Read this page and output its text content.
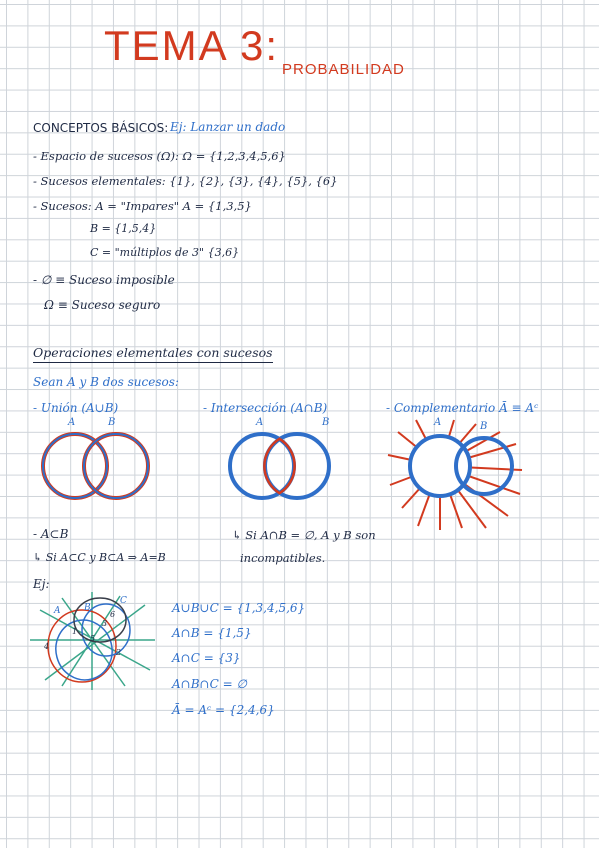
TEMA 3:
PROBABILIDAD
CONCEPTOS BÁSICOS: Ej: Lanzar un dado
- Espacio de sucesos (Ω): Ω = {1,2,3,4,5,6}
- Sucesos elementales: {1}, {2}, {3}, {4}, {5}, {6}
- Sucesos: A = "Impares" A = {1,3,5}
B = {1,5,4}
C = "múltiplos de 3" {3,6}
- ∅ ≡ Suceso imposible
Ω ≡ Suceso seguro
Operaciones elementales con sucesos
Sean A y B dos sucesos:
- Unión (A∪B)	- Intersección (A∩B)	- Complementario Ā ≡ Aᶜ
A	B	A	B	A	B
- A⊂B
↳ Si A⊂C y B⊂A ⇒ A=B
↳ Si A∩B = ∅, A y B son
incompatibles.
Ej:
A	B
C
1
3
5
6
4
2
A∪B∪C = {1,3,4,5,6}
A∩B = {1,5}
A∩C = {3}
A∩B∩C = ∅
Ā = Aᶜ = {2,4,6}
